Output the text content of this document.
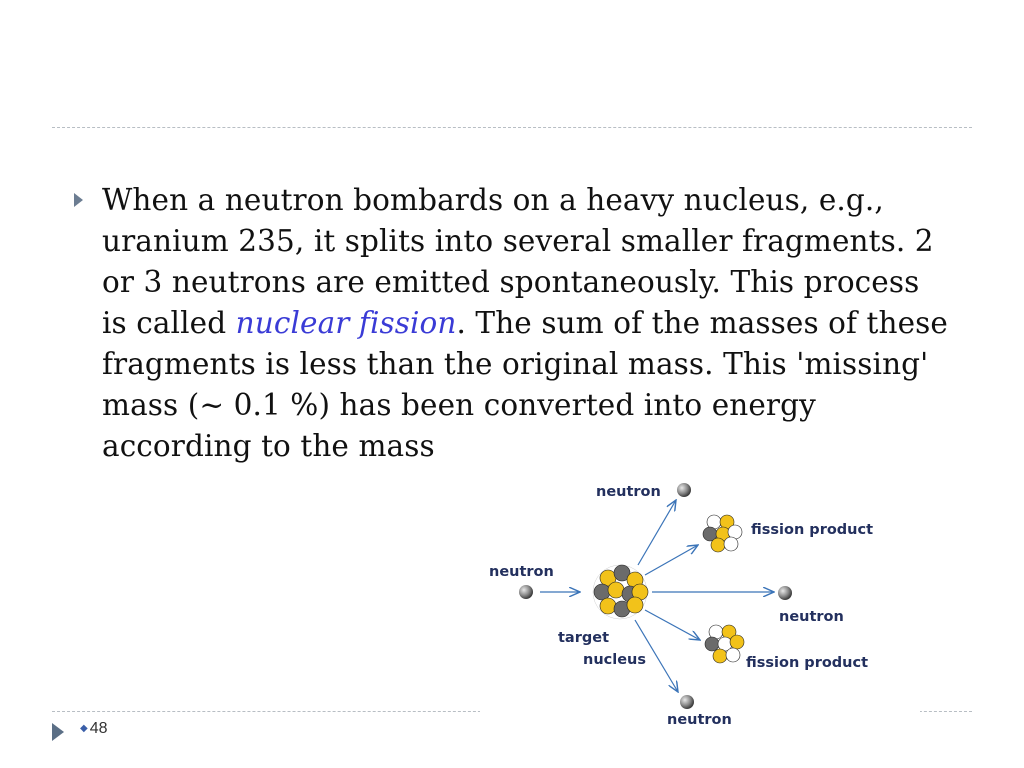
When a neutron bombards on a heavy nucleus, e.g., uranium 235, it splits into several smaller fragments. 2 or 3 neutrons are emitted spontaneously. This process is called nuclear fission. The sum of the masses of these fragments is less than the original mass. This 'missing' mass (~ 0.1 %) has been converted into energy according to the mass
neutron
fission product
neutron
neutron
target
nucleus	fission product
neutron
◆ 48
